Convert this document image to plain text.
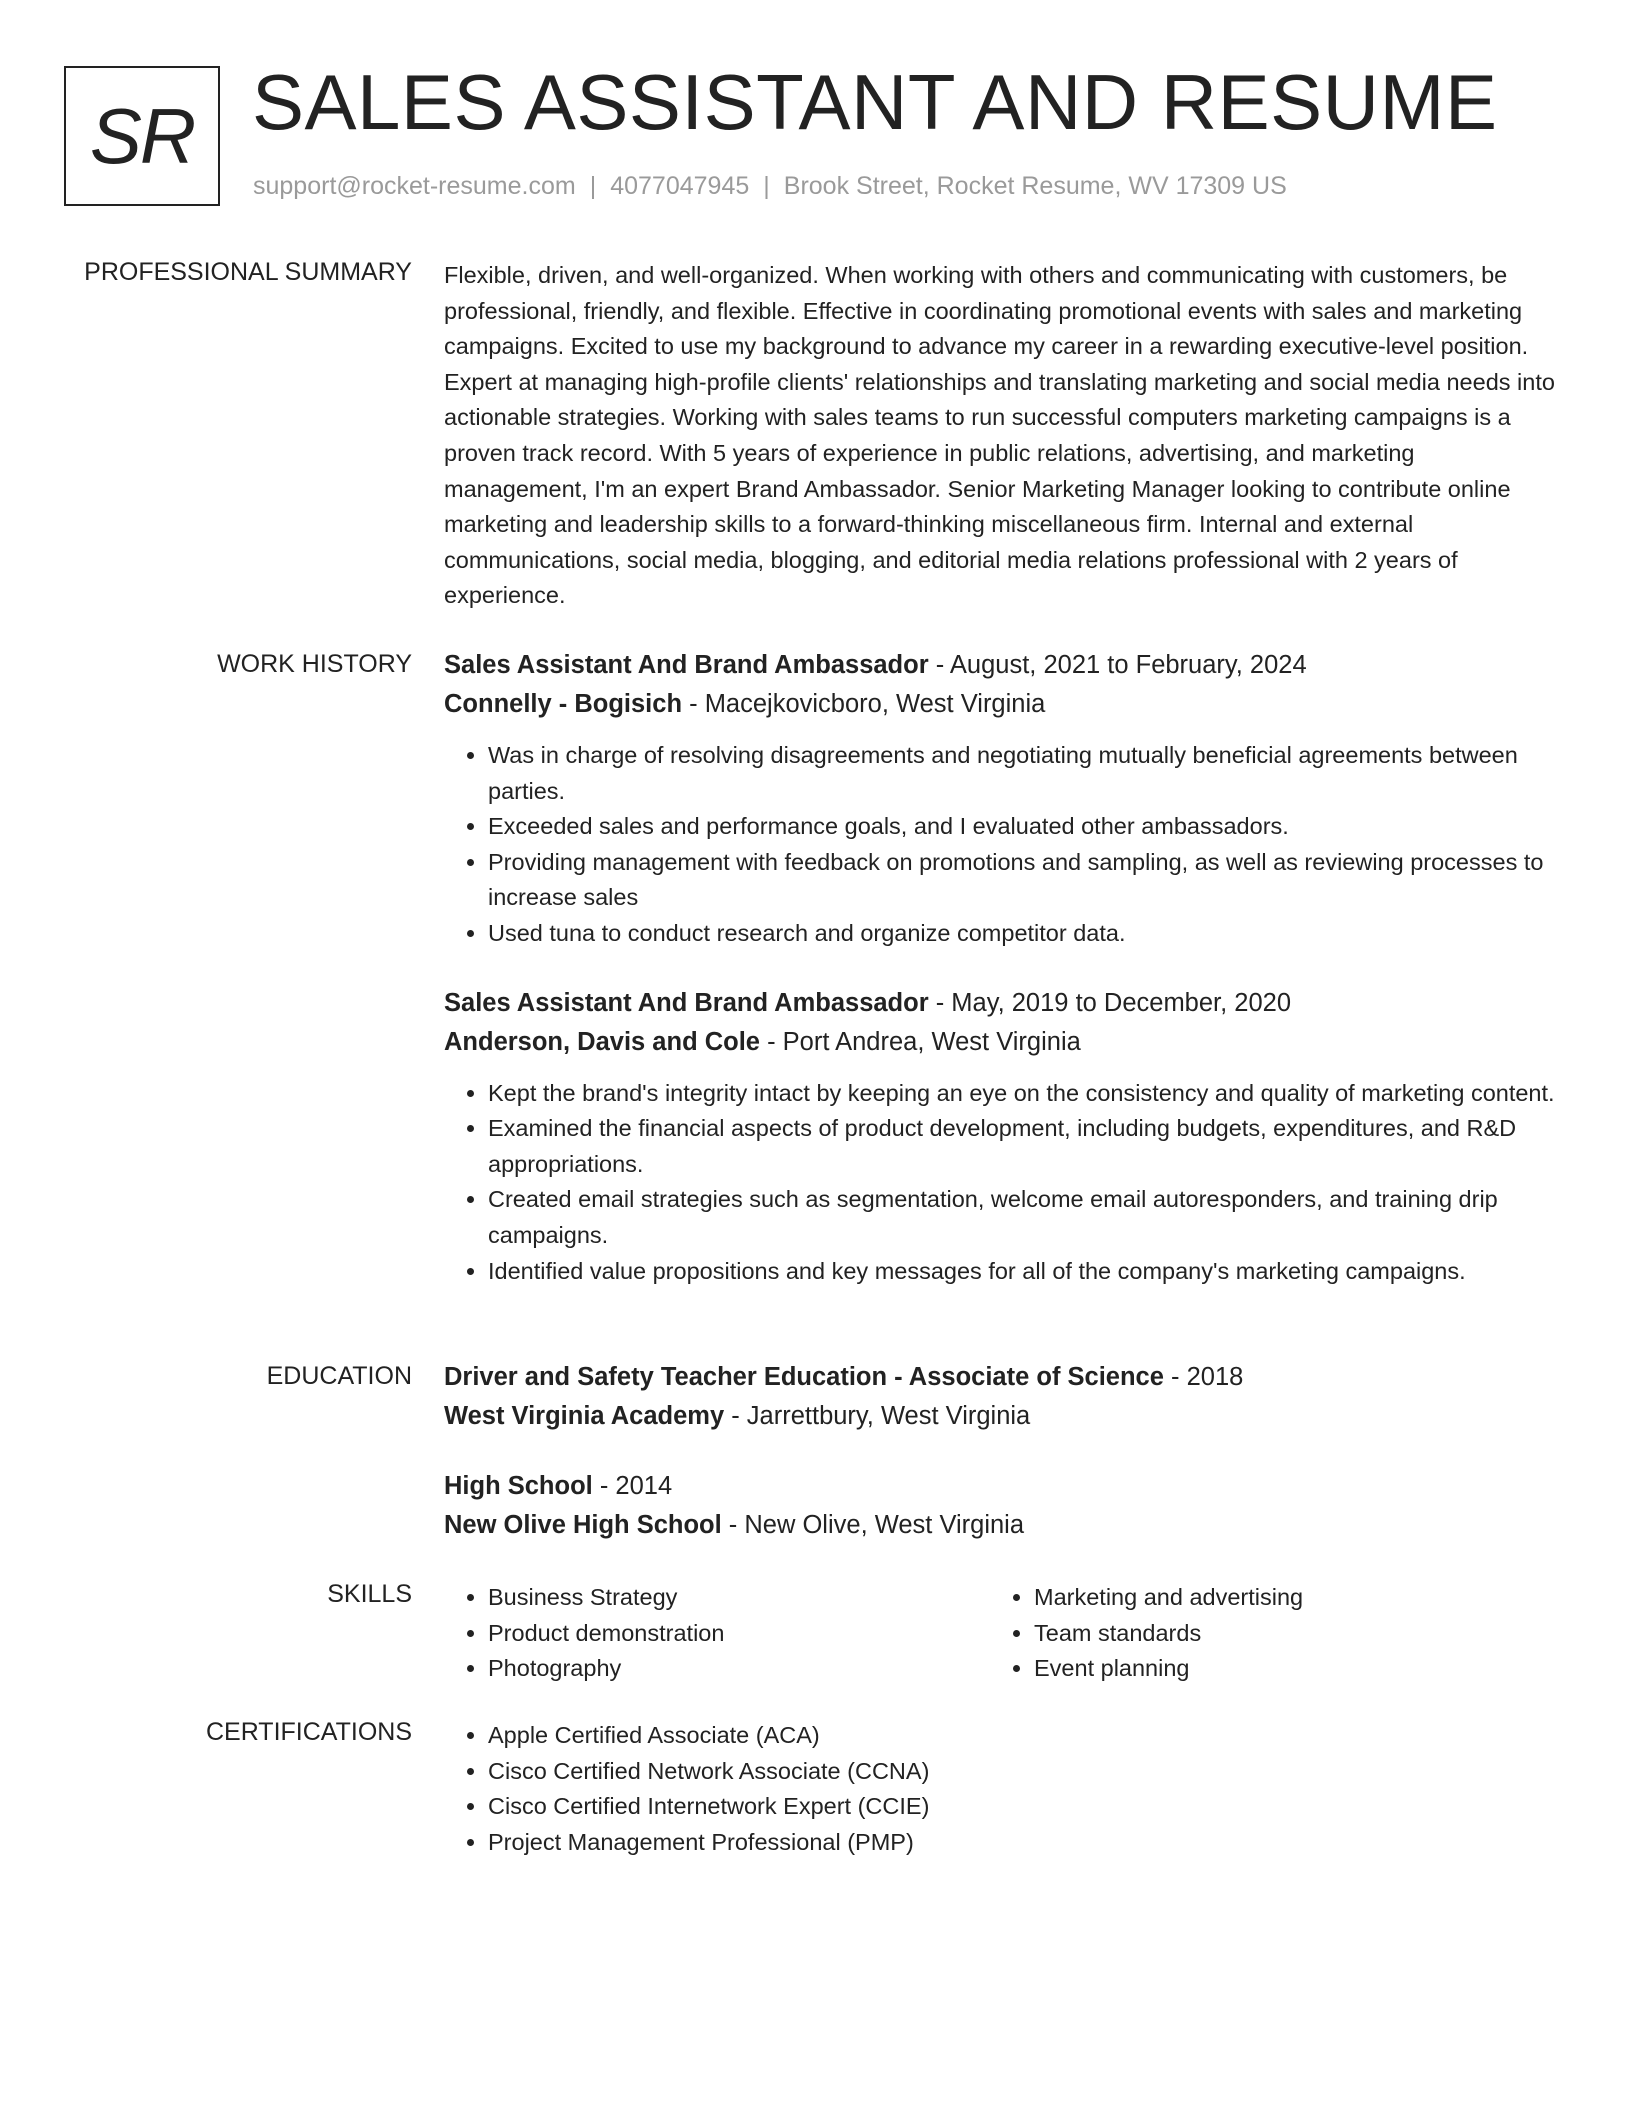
SR SALES ASSISTANT AND RESUME
support@rocket-resume.com | 4077047945 | Brook Street, Rocket Resume, WV 17309 US
PROFESSIONAL SUMMARY Flexible, driven, and well-organized. When working with others and communicating with customers, be professional, friendly, and flexible. Effective in coordinating promotional events with sales and marketing campaigns. Excited to use my background to advance my career in a rewarding executive-level position. Expert at managing high-profile clients' relationships and translating marketing and social media needs into actionable strategies. Working with sales teams to run successful computers marketing campaigns is a proven track record. With 5 years of experience in public relations, advertising, and marketing management, I'm an expert Brand Ambassador. Senior Marketing Manager looking to contribute online marketing and leadership skills to a forward-thinking miscellaneous firm. Internal and external communications, social media, blogging, and editorial media relations professional with 2 years of experience.

WORK HISTORY Sales Assistant And Brand Ambassador - August, 2021 to February, 2024
Connelly - Bogisich - Macejkovicboro, West Virginia
• Was in charge of resolving disagreements and negotiating mutually beneficial agreements between parties.
• Exceeded sales and performance goals, and I evaluated other ambassadors.
• Providing management with feedback on promotions and sampling, as well as reviewing processes to increase sales
• Used tuna to conduct research and organize competitor data.
Sales Assistant And Brand Ambassador - May, 2019 to December, 2020
Anderson, Davis and Cole - Port Andrea, West Virginia
• Kept the brand's integrity intact by keeping an eye on the consistency and quality of marketing content.
• Examined the financial aspects of product development, including budgets, expenditures, and R&D appropriations.
• Created email strategies such as segmentation, welcome email autoresponders, and training drip campaigns.
• Identified value propositions and key messages for all of the company's marketing campaigns.
EDUCATION Driver and Safety Teacher Education - Associate of Science - 2018
West Virginia Academy - Jarrettbury, West Virginia
High School - 2014
New Olive High School - New Olive, West Virginia
SKILLS	• Business Strategy
• Product demonstration
• Photography
• Marketing and advertising
• Team standards
• Event planning
CERTIFICATIONS	• Apple Certified Associate (ACA)
• Cisco Certified Network Associate (CCNA)
• Cisco Certified Internetwork Expert (CCIE)
• Project Management Professional (PMP)
